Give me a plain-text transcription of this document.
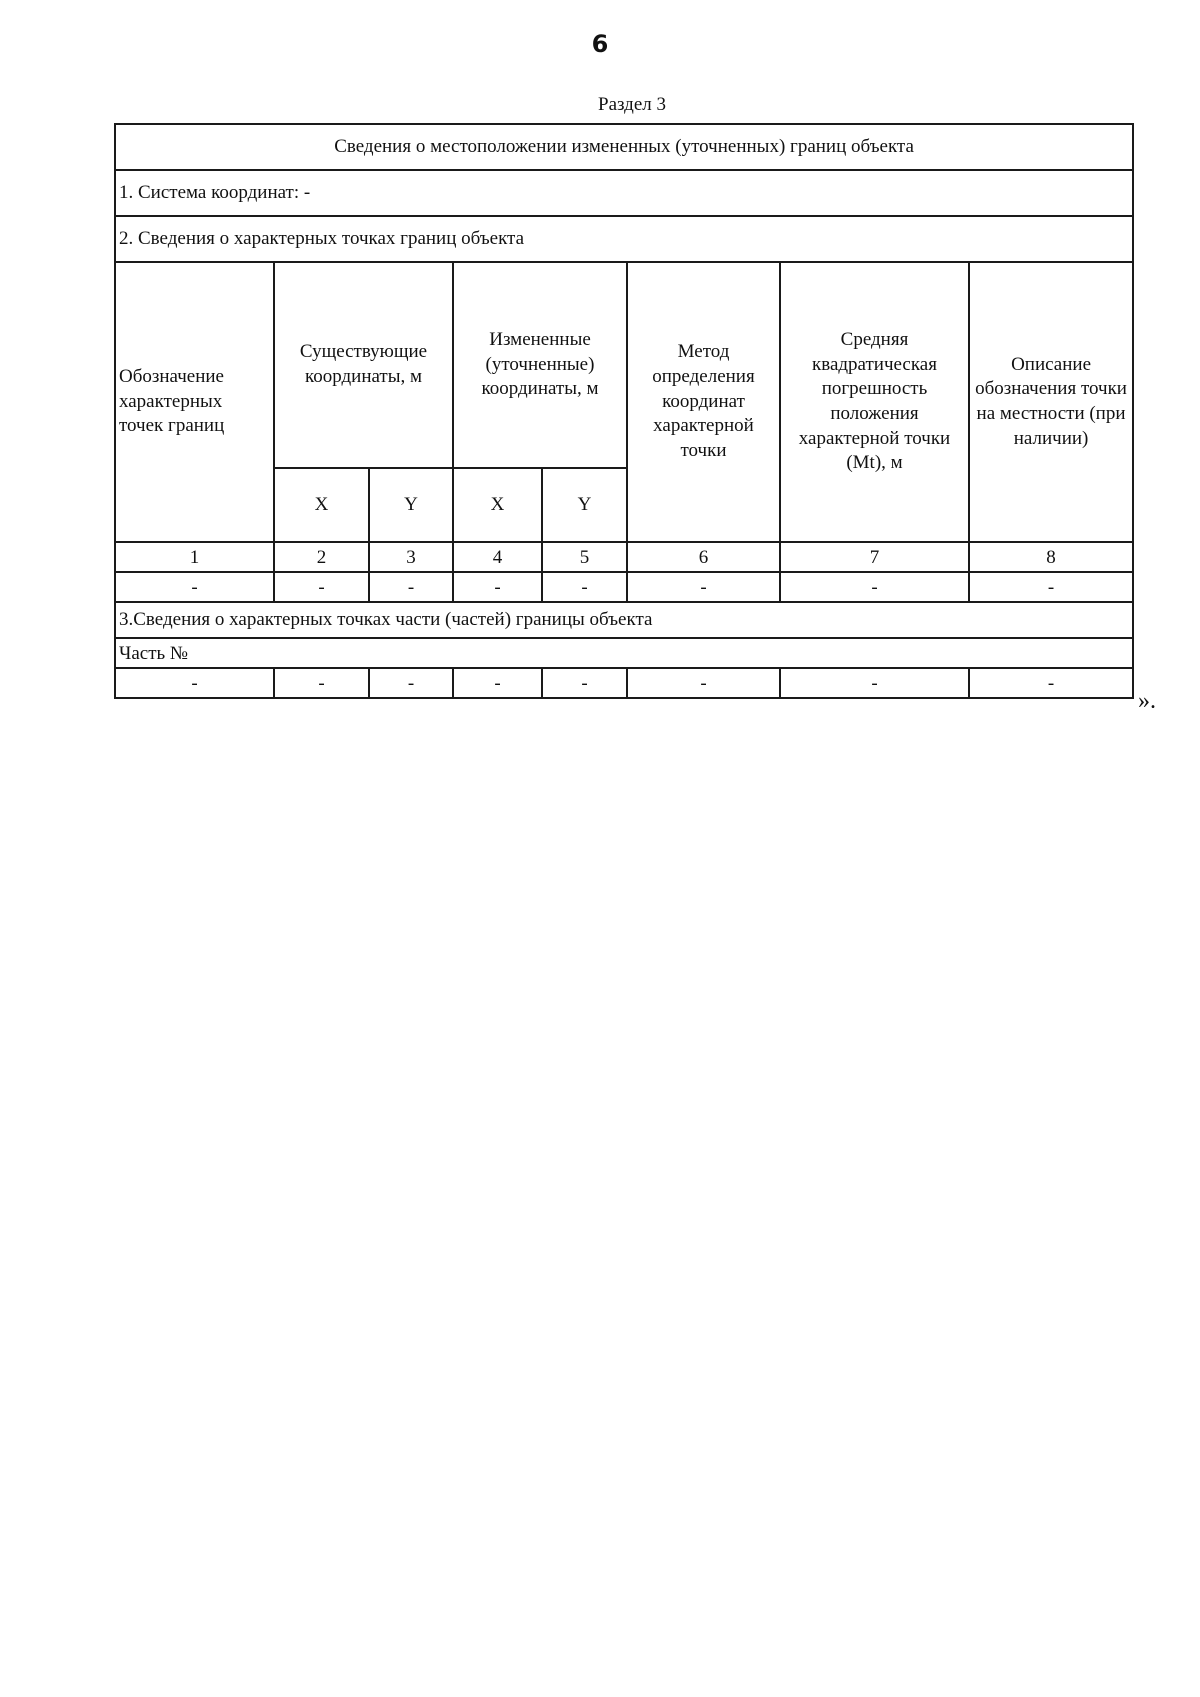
6
Раздел 3
Сведения о местоположении измененных (уточненных) границ объекта							
1. Система координат: -							
2. Сведения о характерных точках границ объекта							
Обозначение характерных точек границ	Существующие координаты, м		Измененные (уточненные) координаты, м		Метод определения координат характерной точки	Средняя квадратическая погрешность положения характерной точки (Mt), м	Описание обозначения точки на местности (при наличии)
	X	Y	X	Y			
1	2	3	4	5	6	7	8
-	-	-	-	-	-	-	-
3.Сведения о характерных точках части (частей) границы объекта							
Часть №							
-	-	-	-	-	-	-	-
».
